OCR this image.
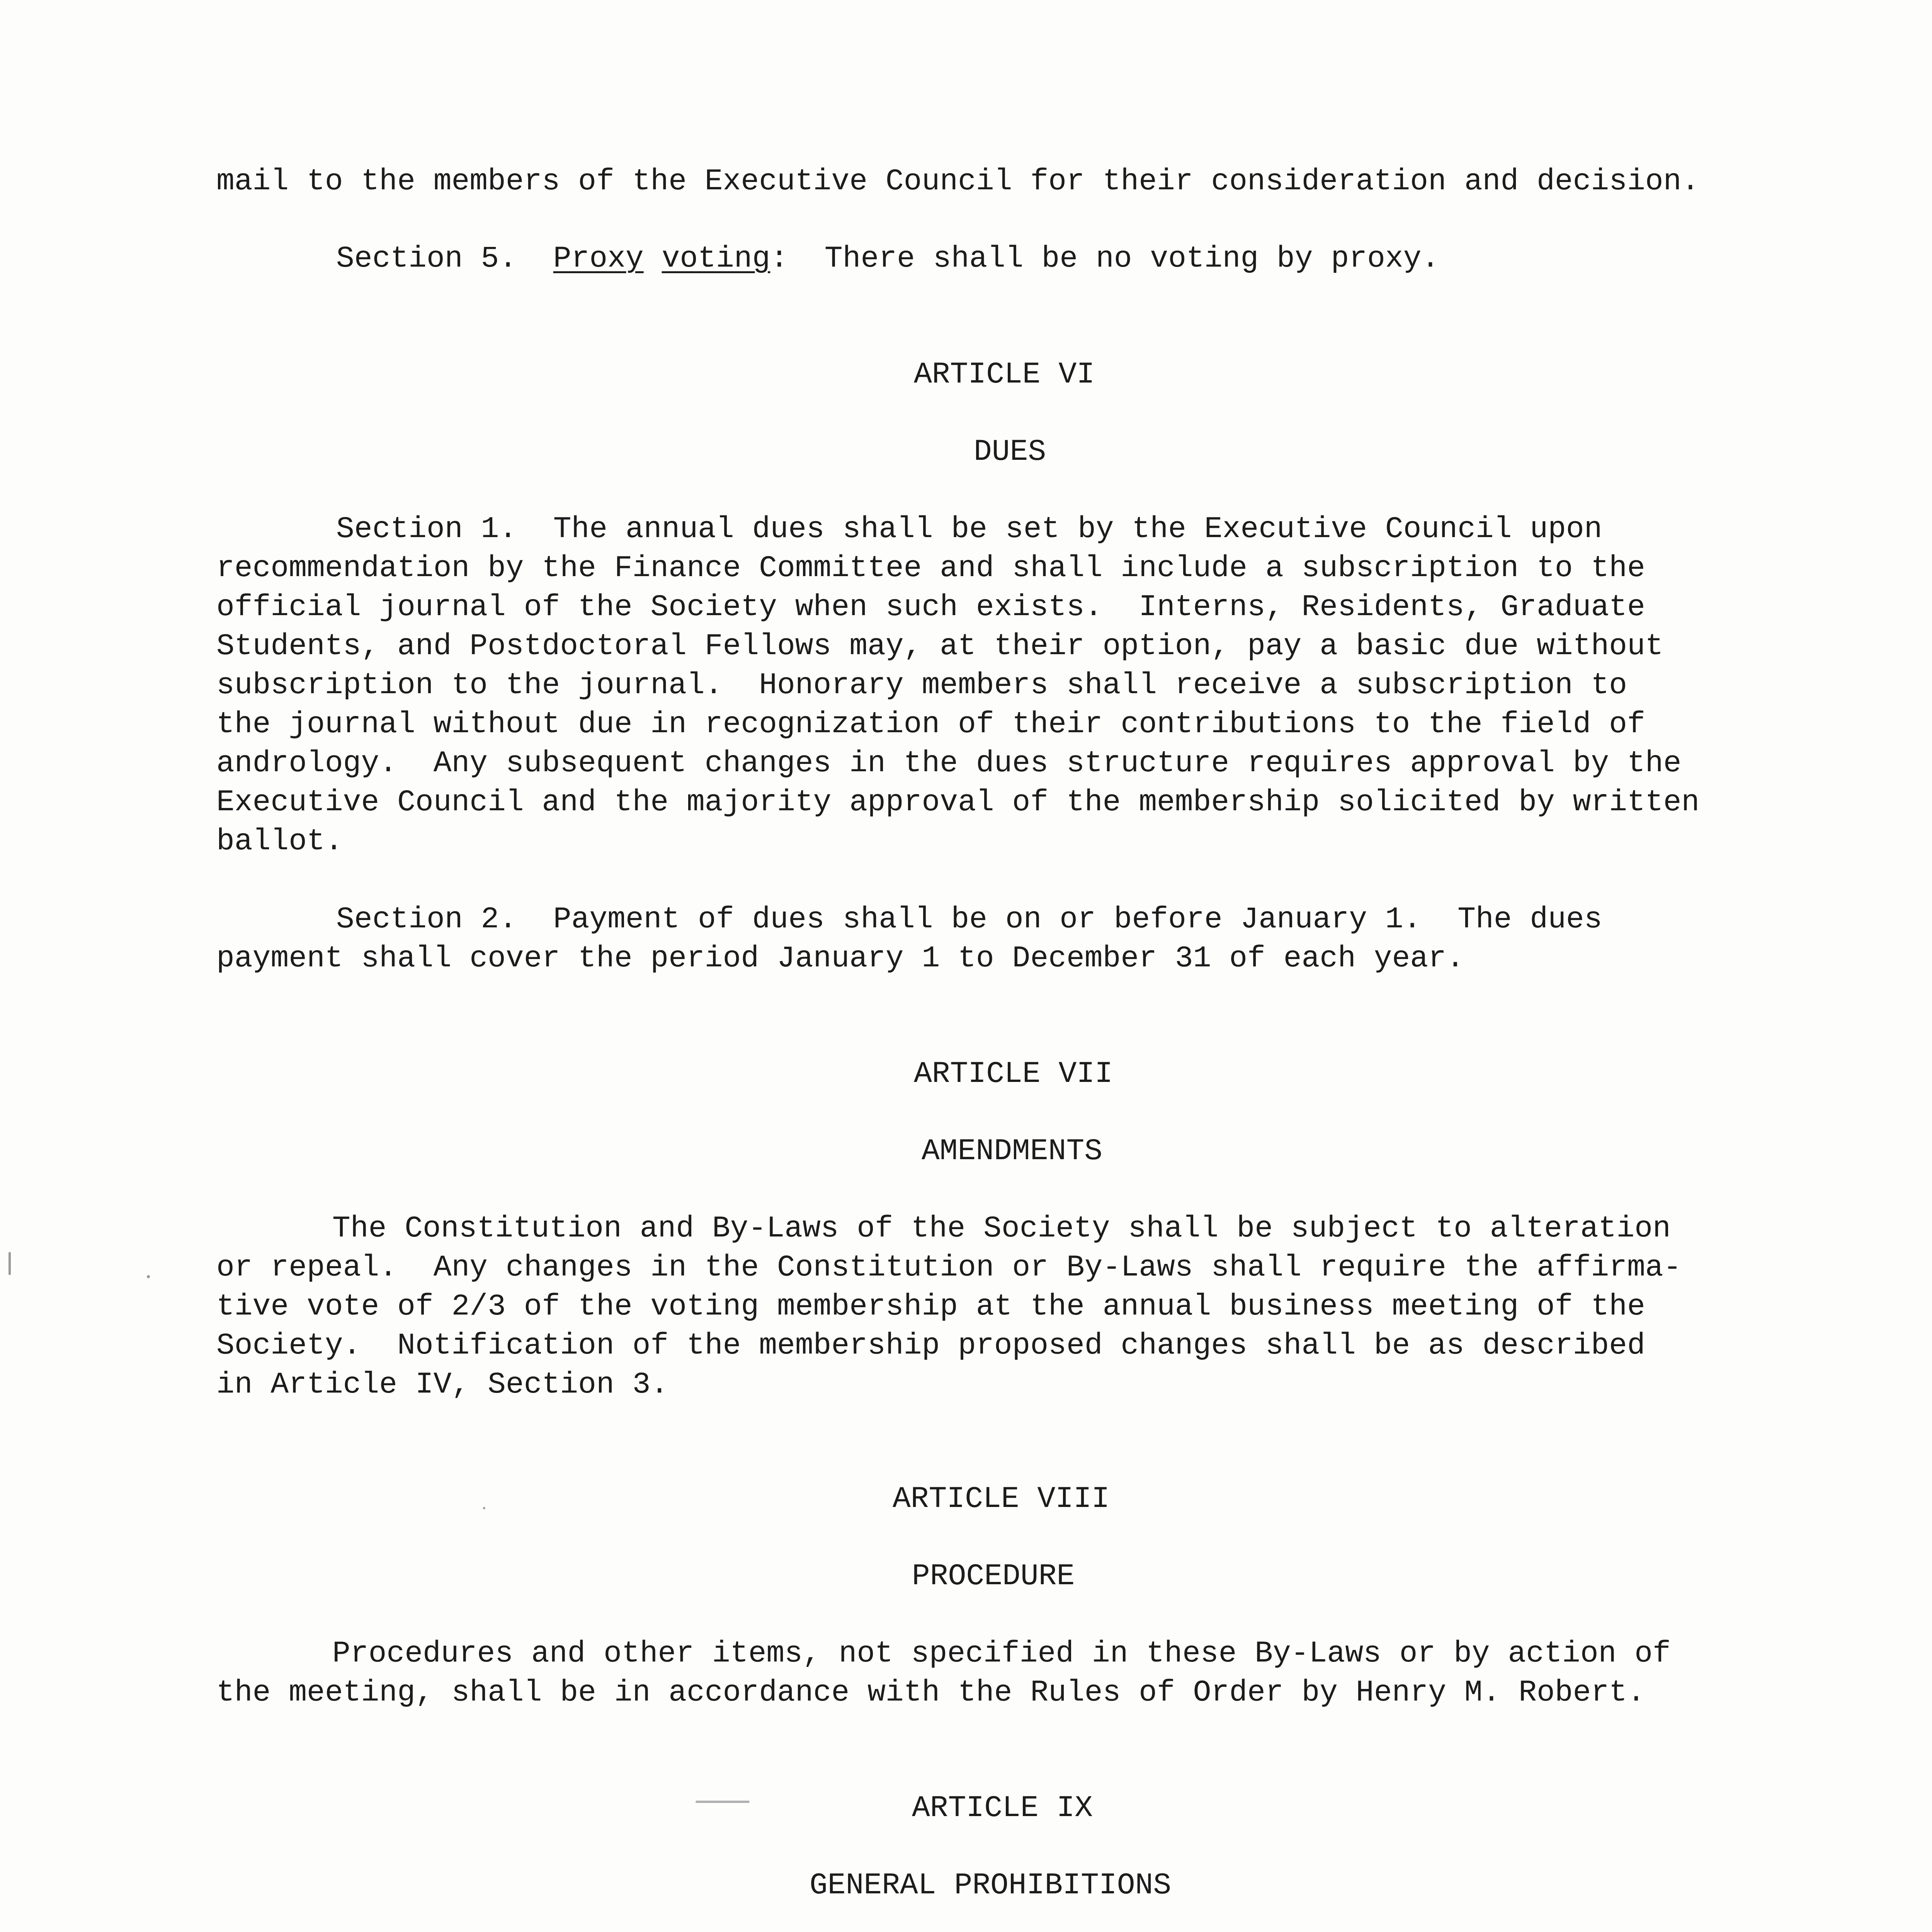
mail to the members of the Executive Council for their consideration and decision.
Section 5. Proxy voting: There shall be no voting by proxy.
ARTICLE VI
DUES
Section 1.  The annual dues shall be set by the Executive Council upon
recommendation by the Finance Committee and shall include a subscription to the
official journal of the Society when such exists.  Interns, Residents, Graduate
Students, and Postdoctoral Fellows may, at their option, pay a basic due without
subscription to the journal.  Honorary members shall receive a subscription to
the journal without due in recognization of their contributions to the field of
andrology.  Any subsequent changes in the dues structure requires approval by the
Executive Council and the majority approval of the membership solicited by written
ballot.
Section 2.  Payment of dues shall be on or before January 1.  The dues
payment shall cover the period January 1 to December 31 of each year.
ARTICLE VII
AMENDMENTS
The Constitution and By-Laws of the Society shall be subject to alteration
or repeal.  Any changes in the Constitution or By-Laws shall require the affirma-
tive vote of 2/3 of the voting membership at the annual business meeting of the
Society.  Notification of the membership proposed changes shall be as described
in Article IV, Section 3.
ARTICLE VIII
PROCEDURE
Procedures and other items, not specified in these By-Laws or by action of
the meeting, shall be in accordance with the Rules of Order by Henry M. Robert.
ARTICLE IX
GENERAL PROHIBITIONS
